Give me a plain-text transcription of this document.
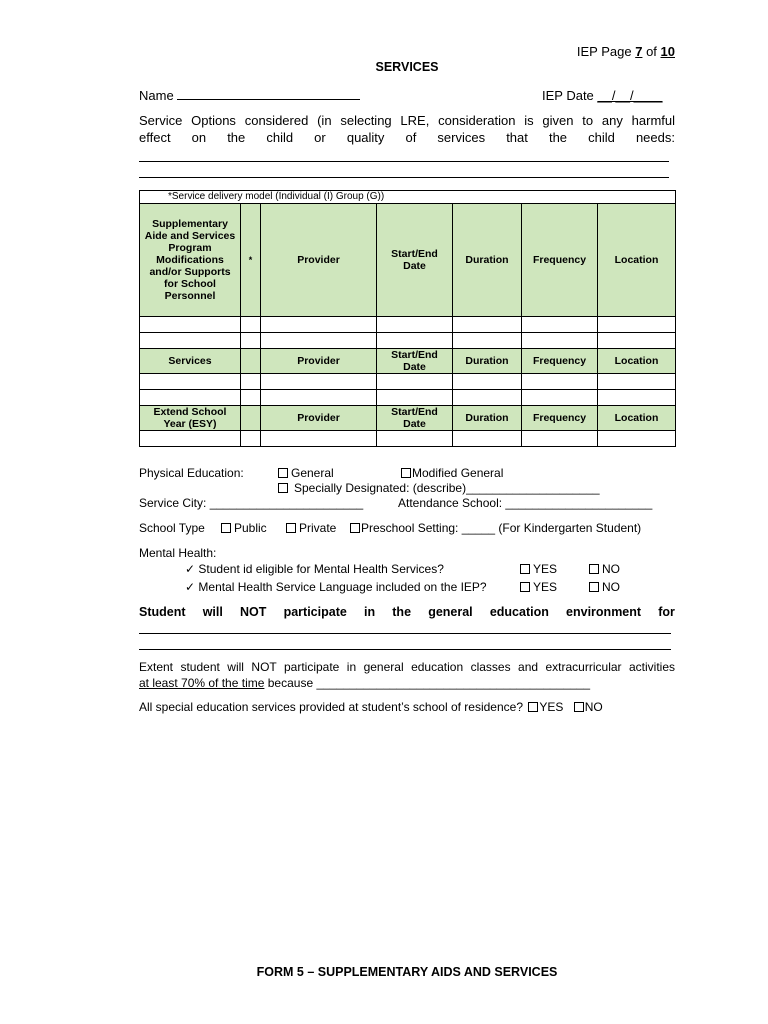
IEP Page 7 of 10
SERVICES
Name	IEP Date __/__/____
Service Options considered (in selecting LRE, consideration is given to any harmful
effect on the child or quality of services that the child needs:
*Service delivery model (Individual (I) Group (G))						
Supplementary Aide and Services Program Modifications and/or Supports for School Personnel	*	Provider	Start/End Date	Duration	Frequency	Location

Services		Provider	Start/End Date	Duration	Frequency	Location

Extend School Year (ESY)		Provider	Start/End Date	Duration	Frequency	Location

Physical Education:	General	Modified General
Specially Designated: (describe)____________________
Service City: _______________________	Attendance School: ______________________
School Type	Public	Private	Preschool Setting: _____ (For Kindergarten Student)
Mental Health:
✓ Student id eligible for Mental Health Services?	YES	NO
✓ Mental Health Service Language included on the IEP?	YES	NO
Student will NOT participate in the general education environment for
Extent student will NOT participate in general education classes and extracurricular activities
at least 70% of the time because _________________________________________
All special education services provided at student’s school of residence? YES NO
FORM 5 – SUPPLEMENTARY AIDS AND SERVICES
